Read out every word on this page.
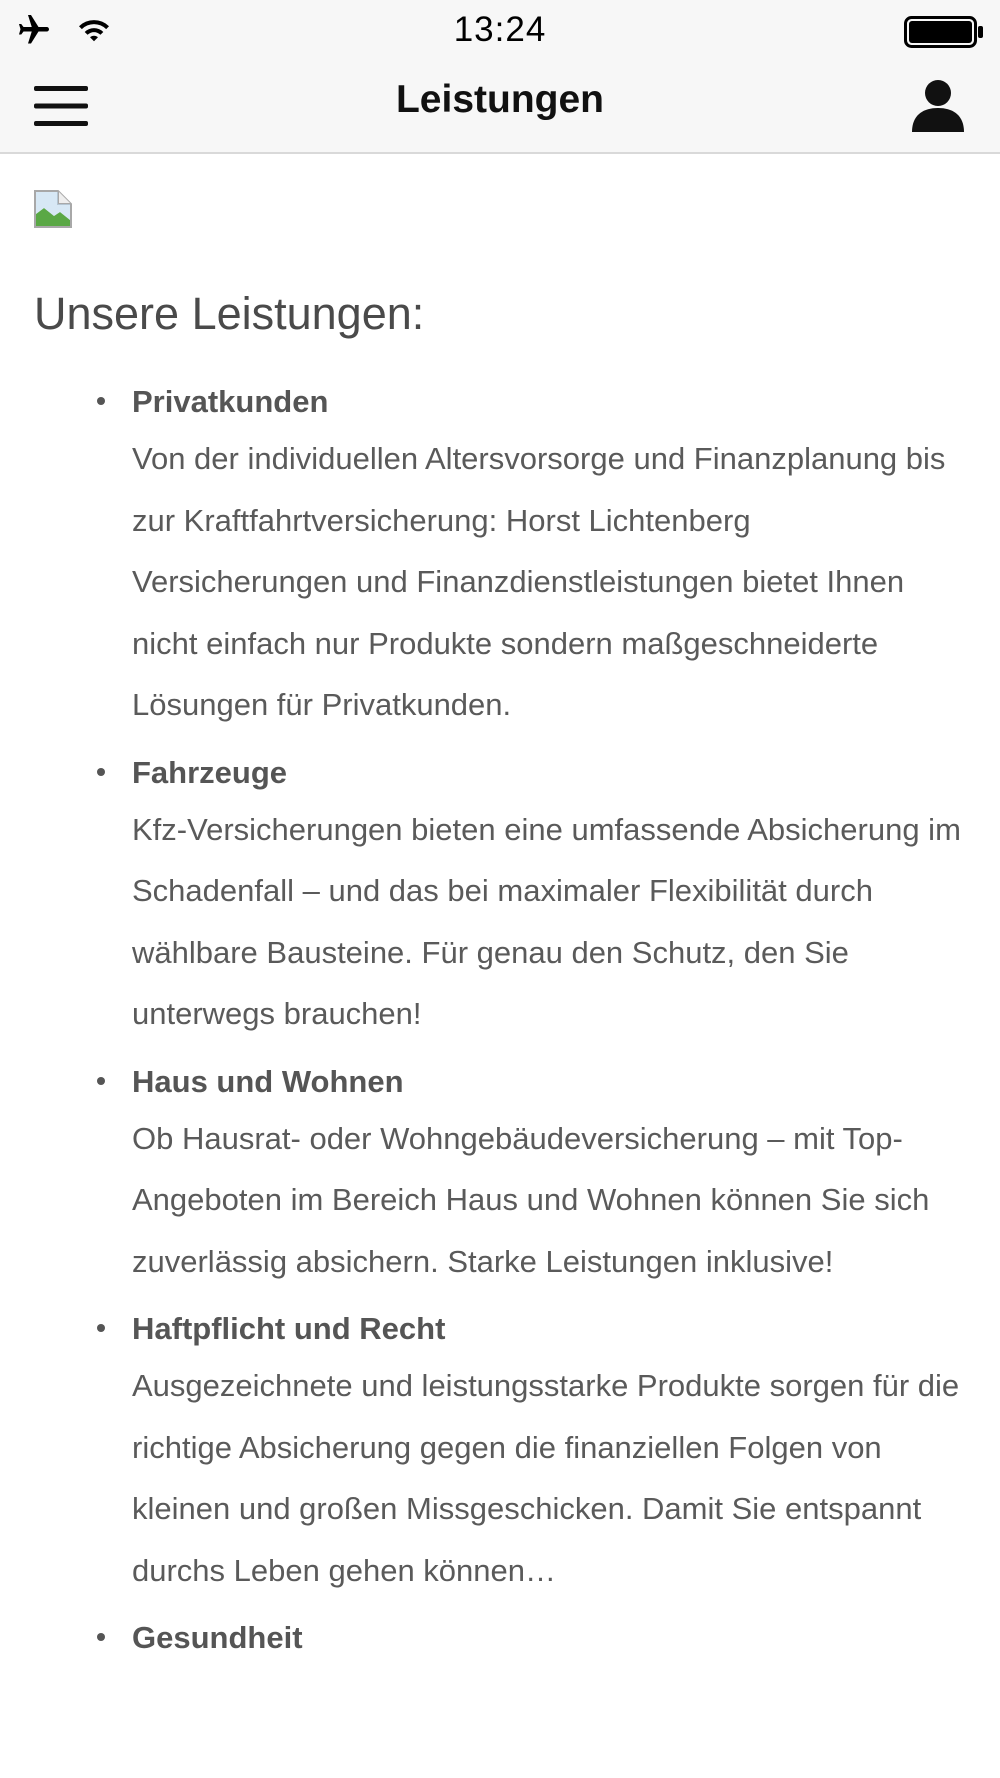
13:24
Leistungen
Unsere Leistungen:
Privatkunden
Von der individuellen Altersvorsorge und Finanzplanung bis zur Kraftfahrtversicherung: Horst Lichtenberg Versicherungen und Finanzdienstleistungen bietet Ihnen nicht einfach nur Produkte sondern maßgeschneiderte Lösungen für Privatkunden.
Fahrzeuge
Kfz-Versicherungen bieten eine umfassende Absicherung im Schadenfall – und das bei maximaler Flexibilität durch wählbare Bausteine. Für genau den Schutz, den Sie unterwegs brauchen!
Haus und Wohnen
Ob Hausrat- oder Wohngebäudeversicherung – mit Top-Angeboten im Bereich Haus und Wohnen können Sie sich zuverlässig absichern. Starke Leistungen inklusive!
Haftpflicht und Recht
Ausgezeichnete und leistungsstarke Produkte sorgen für die richtige Absicherung gegen die finanziellen Folgen von kleinen und großen Missgeschicken. Damit Sie entspannt durchs Leben gehen können…
Gesundheit
